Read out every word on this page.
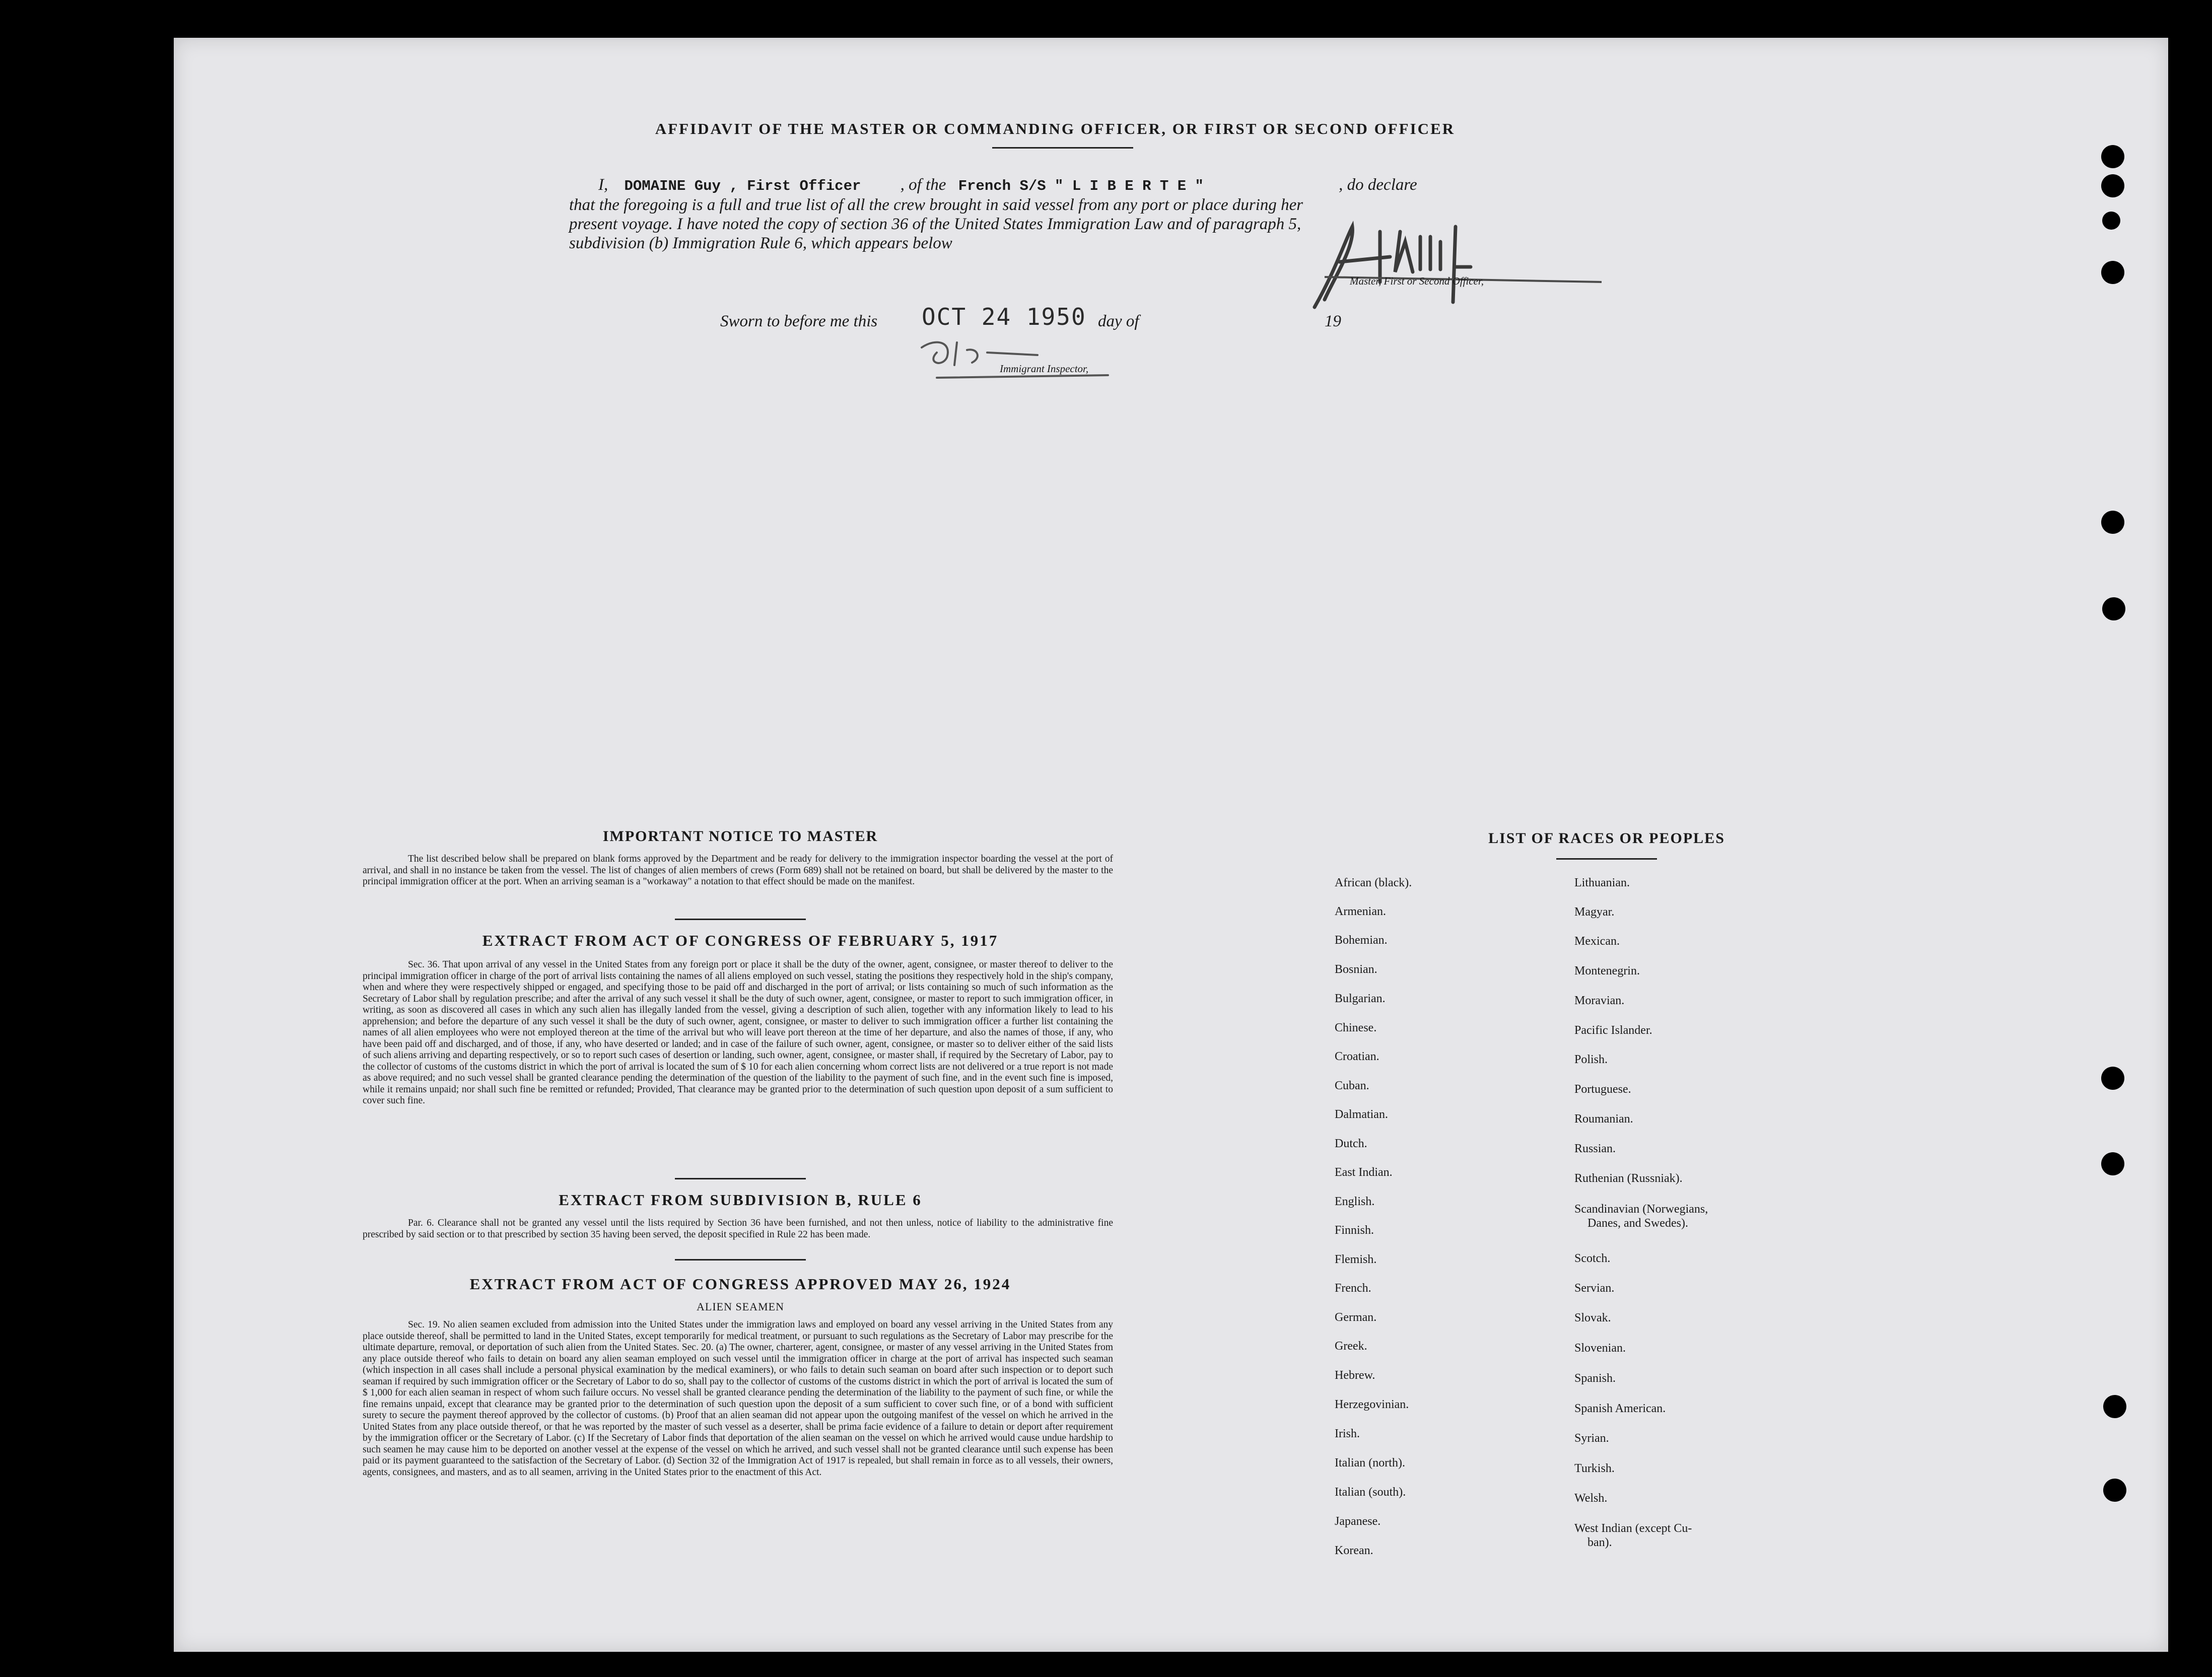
AFFIDAVIT OF THE MASTER OR COMMANDING OFFICER, OR FIRST OR SECOND OFFICER
I, DOMAINE Guy , First Officer , of the French S/S " L I B E R T E "	, do declare
that the foregoing is a full and true list of all the crew brought in said vessel from any port or place during her
present voyage. I have noted the copy of section 36 of the United States Immigration Law and of paragraph 5,
subdivision (b) Immigration Rule 6, which appears below
Master, First or Second Officer,
Sworn to before me this OCT 24 1950 day of	19
Immigrant Inspector,
IMPORTANT NOTICE TO MASTER
The list described below shall be prepared on blank forms approved by the Department and be ready for delivery to the immigration inspector boarding the vessel at the port of arrival, and shall in no instance be taken from the vessel. The list of changes of alien members of crews (Form 689) shall not be retained on board, but shall be delivered by the master to the principal immigration officer at the port. When an arriving seaman is a "workaway" a notation to that effect should be made on the manifest.
EXTRACT FROM ACT OF CONGRESS OF FEBRUARY 5, 1917
Sec. 36. That upon arrival of any vessel in the United States from any foreign port or place it shall be the duty of the owner, agent, consignee, or master thereof to deliver to the principal immigration officer in charge of the port of arrival lists containing the names of all aliens employed on such vessel, stating the positions they respectively hold in the ship's company, when and where they were respectively shipped or engaged, and specifying those to be paid off and discharged in the port of arrival; or lists containing so much of such information as the Secretary of Labor shall by regulation prescribe; and after the arrival of any such vessel it shall be the duty of such owner, agent, consignee, or master to report to such immigration officer, in writing, as soon as discovered all cases in which any such alien has illegally landed from the vessel, giving a description of such alien, together with any information likely to lead to his apprehension; and before the departure of any such vessel it shall be the duty of such owner, agent, consignee, or master to deliver to such immigration officer a further list containing the names of all alien employees who were not employed thereon at the time of the arrival but who will leave port thereon at the time of her departure, and also the names of those, if any, who have been paid off and discharged, and of those, if any, who have deserted or landed; and in case of the failure of such owner, agent, consignee, or master so to deliver either of the said lists of such aliens arriving and departing respectively, or so to report such cases of desertion or landing, such owner, agent, consignee, or master shall, if required by the Secretary of Labor, pay to the collector of customs of the customs district in which the port of arrival is located the sum of $ 10 for each alien concerning whom correct lists are not delivered or a true report is not made as above required; and no such vessel shall be granted clearance pending the determination of the question of the liability to the payment of such fine, and in the event such fine is imposed, while it remains unpaid; nor shall such fine be remitted or refunded; Provided, That clearance may be granted prior to the determination of such question upon deposit of a sum sufficient to cover such fine.
EXTRACT FROM SUBDIVISION B, RULE 6
Par. 6. Clearance shall not be granted any vessel until the lists required by Section 36 have been furnished, and not then unless, notice of liability to the administrative fine prescribed by said section or to that prescribed by section 35 having been served, the deposit specified in Rule 22 has been made.
EXTRACT FROM ACT OF CONGRESS APPROVED MAY 26, 1924
ALIEN SEAMEN
Sec. 19. No alien seamen excluded from admission into the United States under the immigration laws and employed on board any vessel arriving in the United States from any place outside thereof, shall be permitted to land in the United States, except temporarily for medical treatment, or pursuant to such regulations as the Secretary of Labor may prescribe for the ultimate departure, removal, or deportation of such alien from the United States. Sec. 20. (a) The owner, charterer, agent, consignee, or master of any vessel arriving in the United States from any place outside thereof who fails to detain on board any alien seaman employed on such vessel until the immigration officer in charge at the port of arrival has inspected such seaman (which inspection in all cases shall include a personal physical examination by the medical examiners), or who fails to detain such seaman on board after such inspection or to deport such seaman if required by such immigration officer or the Secretary of Labor to do so, shall pay to the collector of customs of the customs district in which the port of arrival is located the sum of $ 1,000 for each alien seaman in respect of whom such failure occurs. No vessel shall be granted clearance pending the determination of the liability to the payment of such fine, or while the fine remains unpaid, except that clearance may be granted prior to the determination of such question upon the deposit of a sum sufficient to cover such fine, or of a bond with sufficient surety to secure the payment thereof approved by the collector of customs. (b) Proof that an alien seaman did not appear upon the outgoing manifest of the vessel on which he arrived in the United States from any place outside thereof, or that he was reported by the master of such vessel as a deserter, shall be prima facie evidence of a failure to detain or deport after requirement by the immigration officer or the Secretary of Labor. (c) If the Secretary of Labor finds that deportation of the alien seaman on the vessel on which he arrived would cause undue hardship to such seamen he may cause him to be deported on another vessel at the expense of the vessel on which he arrived, and such vessel shall not be granted clearance until such expense has been paid or its payment guaranteed to the satisfaction of the Secretary of Labor. (d) Section 32 of the Immigration Act of 1917 is repealed, but shall remain in force as to all vessels, their owners, agents, consignees, and masters, and as to all seamen, arriving in the United States prior to the enactment of this Act.
LIST OF RACES OR PEOPLES
African (black).
Armenian.
Bohemian.
Bosnian.
Bulgarian.
Chinese.
Croatian.
Cuban.
Dalmatian.
Dutch.
East Indian.
English.
Finnish.
Flemish.
French.
German.
Greek.
Hebrew.
Herzegovinian.
Irish.
Italian (north).
Italian (south).
Japanese.
Korean.
Lithuanian.
Magyar.
Mexican.
Montenegrin.
Moravian.
Pacific Islander.
Polish.
Portuguese.
Roumanian.
Russian.
Ruthenian (Russniak).
Scandinavian (Norwegians,
Danes, and Swedes).
Scotch.
Servian.
Slovak.
Slovenian.
Spanish.
Spanish American.
Syrian.
Turkish.
Welsh.
West Indian (except Cu-
ban).
